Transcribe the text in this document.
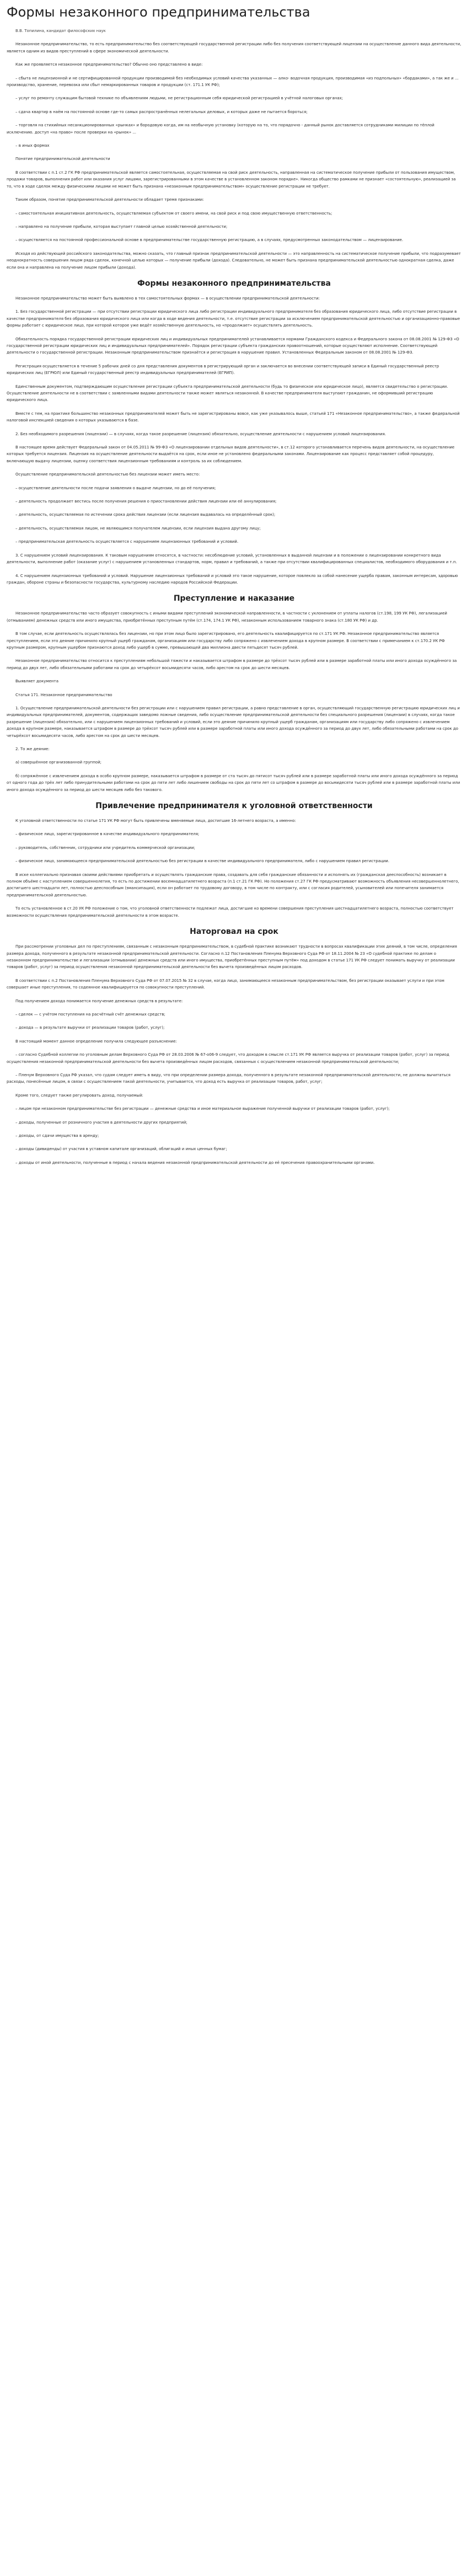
Формы незаконного предпринимательства
В.В. Топилина, кандидат философских наук

Незаконное предпринимательство, то есть предпринимательство без соответствующей государственной регистрации либо без получения соответствующей лицензии на осуществление данного вида деятельности, является одним из видов преступлений в сфере экономической деятельности.

Как же проявляется незаконное предпринимательство? Обычно оно представлено в виде:

– сбыта не лицензионной и не сертифицированной продукции производимой без необходимых условий качества указанных — алко- водочная продукция, производимая «из подпольных» «бардаками», а так же и ... производство, хранение, перевозка или сбыт немаркированных товаров и продукции (ст. 171.1 УК РФ);

– услуг по ремонту служащим бытовой технике по объявлениям людьми, не регистрационным себя юридической регистрацией в учётной налоговых органах;

– сдача квартир в наём на постоянной основе где-то самых распространённых нелегальных деловых, и которых даже не пытается бороться;

– торговля на стихийных несанкционированных «рынках» и бородовую когда, им на необычную установку (которую на то, что порядочно - данный рынок доставляется сотрудниками милиции по тёплой исключению. доступ «на право» после проверки на «рынок» ...

– в иных формах

Понятие предпринимательской деятельности

В соответствии с п.1 ст.2 ГК РФ предпринимательской является самостоятельная, осуществляемая на свой риск деятельность, направленная на систематическое получение прибыли от пользования имуществом, продажи товаров, выполнения работ или оказания услуг лицами, зарегистрированными в этом качестве в установленном законом порядке». Никогда общество рамками не признает «состоятельную», реализацией за то, что в ходе сделок между физическими лицами не может быть признана «незаконным предпринимательством» осуществление регистрации не требует.

Таким образом, понятие предпринимательской деятельности обладает тремя признаками:

– самостоятельная инициативная деятельность, осуществляемая субъектом от своего имени, на свой риск и под свою имущественную ответственность;

– направлено на получение прибыли, которая выступает главной целью хозяйственной деятельности;

– осуществляется на постоянной профессиональной основе в предпринимательстве государственную регистрацию, а в случаях, предусмотренных законодательством — лицензирование.

Исходя из действующей российского законодательства, можно сказать, что главный признак предпринимательской деятельности — это направленность на систематическое получение прибыли, что подразумевает неоднократность совершения лицом ряда сделок, конечной целью которых — получение прибыли (дохода). Следовательно, не может быть признана предпринимательской деятельностью однократная сделка, даже если она и направлена на получение лицом прибыли (дохода).

Формы незаконного предпринимательства

Незаконное предпринимательство может быть выявлено в тех самостоятельных формах — в осуществлении предпринимательской деятельности:

1. Без государственной регистрации — при отсутствии регистрации юридического лица либо регистрации индивидуального предпринимателя без образования юридического лица, либо отсутствие регистрации в качестве предпринимателя без образования юридического лица или когда в ходе ведения деятельности, т.е. отсутствие регистрации за исключением предпринимательской деятельностью и организационно-правовые формы работает с юридическое лицо, при которой которое уже ведёт хозяйственную деятельность, но «продолжает» осуществлять деятельность.

Обязательность порядка государственной регистрации юридических лиц и индивидуальных предпринимателей устанавливается нормами Гражданского кодекса и Федерального закона от 08.08.2001 № 129-ФЗ «О государственной регистрации юридических лиц и индивидуальных предпринимателей». Порядок регистрации субъекта гражданских правоотношений, которые осуществляют исполнение. Соответствующей деятельности о государственной регистрации. Незаконным предпринимательством признаётся и регистрация в нарушение правил. Установленных Федеральным законом от 08.08.2001 № 129-ФЗ.

Регистрация осуществляется в течение 5 рабочих дней со дня представления документов в регистрирующий орган и заключается во внесении соответствующей записи в Единый государственный реестр юридических лиц (ЕГРЮЛ) или Единый государственный реестр индивидуальных предпринимателей (ЕГРИП).

Единственным документом, подтверждающим осуществление регистрации субъекта предпринимательской деятельности (будь то физическое или юридическое лицо), является свидетельство о регистрации. Осуществление деятельности не в соответствии с заявленными видами деятельности также может являться незаконной. В качестве предпринимателя выступают гражданин, не оформивший регистрацию юридического лица.

Вместе с тем, на практике большинство незаконных предпринимателей может быть не зарегистрированы вовсе, как уже указывалось выше, статьей 171 «Незаконное предпринимательство», а также федеральной налоговой инспекцией сведения о которых указываются в базе.

2. Без необходимого разрешения (лицензии) — в случаях, когда такое разрешение (лицензия) обязательно, осуществление деятельности с нарушением условий лицензирования.

В настоящее время действует Федеральный закон от 04.05.2011 № 99-ФЗ «О лицензировании отдельных видов деятельности», в ст.12 которого устанавливается перечень видов деятельности, на осуществление которых требуется лицензия. Лицензия на осуществление деятельности выдаётся на срок, если иное не установлено федеральными законами. Лицензирование как процесс представляет собой процедуру, включающую выдачу лицензии, оценку соответствия лицензионным требованиям и контроль за их соблюдением.

Осуществление предпринимательской деятельностью без лицензии может иметь место:

– осуществление деятельности после подачи заявления о выдаче лицензии, но до её получения;

– деятельность продолжает вестись после получения решения о приостановлении действия лицензии или её аннулирования;

– деятельность, осуществляемая по истечении срока действия лицензии (если лицензия выдавалась на определённый срок);

– деятельность, осуществляемая лицом, не являющимся получателем лицензии, если лицензия выдана другому лицу;

– предпринимательская деятельность осуществляется с нарушением лицензионных требований и условий.

3. С нарушением условий лицензирования. К таковым нарушениям относятся, в частности: несоблюдение условий, установленных в выданной лицензии и в положении о лицензировании конкретного вида деятельности, выполнение работ (оказание услуг) с нарушением установленных стандартов, норм, правил и требований, а также при отсутствии квалифицированных специалистов, необходимого оборудования и т.п.

4. С нарушением лицензионных требований и условий. Нарушение лицензионных требований и условий это такое нарушение, которое повлекло за собой нанесение ущерба правам, законным интересам, здоровью граждан, обороне страны и безопасности государства, культурному наследию народов Российской Федерации.

Преступление и наказание

Незаконное предпринимательство часто образует совокупность с иными видами преступлений экономической направленности, в частности с уклонением от уплаты налогов (ст.198, 199 УК РФ), легализацией (отмыванием) денежных средств или иного имущества, приобретённых преступным путём (ст.174, 174.1 УК РФ), незаконным использованием товарного знака (ст.180 УК РФ) и др.

В том случае, если деятельность осуществлялась без лицензии, но при этом лицо было зарегистрировано, его деятельность квалифицируется по ст.171 УК РФ. Незаконное предпринимательство является преступлением, если это деяние причинило крупный ущерб гражданам, организациям или государству либо сопряжено с извлечением дохода в крупном размере. В соответствии с примечанием к ст.170.2 УК РФ крупным размером, крупным ущербом признаются доход либо ущерб в сумме, превышающей два миллиона двести пятьдесят тысяч рублей.

Незаконное предпринимательство относится к преступлениям небольшой тяжести и наказывается штрафом в размере до трёхсот тысяч рублей или в размере заработной платы или иного дохода осуждённого за период до двух лет, либо обязательными работами на срок до четырёхсот восьмидесяти часов, либо арестом на срок до шести месяцев.

Выявляет документа

Статья 171. Незаконное предпринимательство

1. Осуществление предпринимательской деятельности без регистрации или с нарушением правил регистрации, а равно представление в орган, осуществляющий государственную регистрацию юридических лиц и индивидуальных предпринимателей, документов, содержащих заведомо ложные сведения, либо осуществление предпринимательской деятельности без специального разрешения (лицензии) в случаях, когда такое разрешение (лицензия) обязательно, или с нарушением лицензионных требований и условий, если это деяние причинило крупный ущерб гражданам, организациям или государству либо сопряжено с извлечением дохода в крупном размере, наказывается штрафом в размере до трёхсот тысяч рублей или в размере заработной платы или иного дохода осуждённого за период до двух лет, либо обязательными работами на срок до четырёхсот восьмидесяти часов, либо арестом на срок до шести месяцев.

2. То же деяние:

а) совершённое организованной группой;

б) сопряжённое с извлечением дохода в особо крупном размере, наказывается штрафом в размере от ста тысяч до пятисот тысяч рублей или в размере заработной платы или иного дохода осуждённого за период от одного года до трёх лет либо принудительными работами на срок до пяти лет либо лишением свободы на срок до пяти лет со штрафом в размере до восьмидесяти тысяч рублей или в размере заработной платы или иного дохода осуждённого за период до шести месяцев либо без такового.

Привлечение предпринимателя к уголовной ответственности

К уголовной ответственности по статье 171 УК РФ могут быть привлечены вменяемые лица, достигшие 16-летнего возраста, а именно:

– физическое лицо, зарегистрированное в качестве индивидуального предпринимателя;

– руководитель, собственник, сотрудники или учредитель коммерческой организации;

– физическое лицо, занимающееся предпринимательской деятельностью без регистрации в качестве индивидуального предпринимателя, либо с нарушением правил регистрации.

В иске коллегиально признавая своими действиями приобретать и осуществлять гражданские права, создавать для себя гражданские обязанности и исполнять их (гражданская дееспособность) возникает в полном объёме с наступлением совершеннолетия, то есть по достижении восемнадцатилетнего возраста (п.1 ст.21 ГК РФ). Но положения ст.27 ГК РФ предусматривают возможность объявления несовершеннолетнего, достигшего шестнадцати лет, полностью дееспособным (эмансипация), если он работает по трудовому договору, в том числе по контракту, или с согласия родителей, усыновителей или попечителя занимается предпринимательской деятельностью.

То есть установленное в ст.20 УК РФ положение о том, что уголовной ответственности подлежат лица, достигшие ко времени совершения преступления шестнадцатилетнего возраста, полностью соответствует возможности осуществления предпринимательской деятельности в этом возрасте.

Наторговал на срок

При рассмотрении уголовных дел по преступлениям, связанным с незаконным предпринимательством, в судебной практике возникают трудности в вопросах квалификации этих деяний, в том числе, определения размера дохода, полученного в результате незаконной предпринимательской деятельности. Согласно п.12 Постановления Пленума Верховного Суда РФ от 18.11.2004 № 23 «О судебной практике по делам о незаконном предпринимательстве и легализации (отмывании) денежных средств или иного имущества, приобретённых преступным путём» под доходом в статье 171 УК РФ следует понимать выручку от реализации товаров (работ, услуг) за период осуществления незаконной предпринимательской деятельности без вычета произведённых лицом расходов.

В соответствии с п.2 Постановления Пленума Верховного Суда РФ от 07.07.2015 № 32 в случае, когда лицо, занимающееся незаконным предпринимательством, без регистрации оказывает услуги и при этом совершает иные преступления, то содеянное квалифицируется по совокупности преступлений.

Под получением дохода понимается получение денежных средств в результате:

– сделок — с учётом поступления на расчётный счёт денежных средств;

– дохода — в результате выручки от реализации товаров (работ, услуг);

В настоящий момент данное определение получила следующее разъяснение:

– согласно Судебной коллегии по уголовным делам Верховного Суда РФ от 28.03.2006 № 67-о06-9 следует, что доходом в смысле ст.171 УК РФ является выручка от реализации товаров (работ, услуг) за период осуществления незаконной предпринимательской деятельности без вычета произведённых лицом расходов, связанных с осуществлением незаконной предпринимательской деятельности;

– Пленум Верховного Суда РФ указал, что судам следует иметь в виду, что при определении размера дохода, полученного в результате незаконной предпринимательской деятельности, не должны вычитаться расходы, понесённые лицом, в связи с осуществлением такой деятельности, учитывается, что доход есть выручка от реализации товаров, работ, услуг;

Кроме того, следует также регулировать доход, получаемый:

– лицом при незаконном предпринимательстве без регистрации — денежные средства и иное материальное выражение полученной выручки от реализации товаров (работ, услуг);

– доходы, полученные от розничного участия в деятельности других предприятий;

– доходы, от сдачи имущества в аренду;

– доходы (дивиденды) от участия в уставном капитале организаций, облигаций и иных ценных бумаг;

– доходы от иной деятельности, полученные в период с начала ведения незаконной предпринимательской деятельности до её пресечения правоохранительными органами.
